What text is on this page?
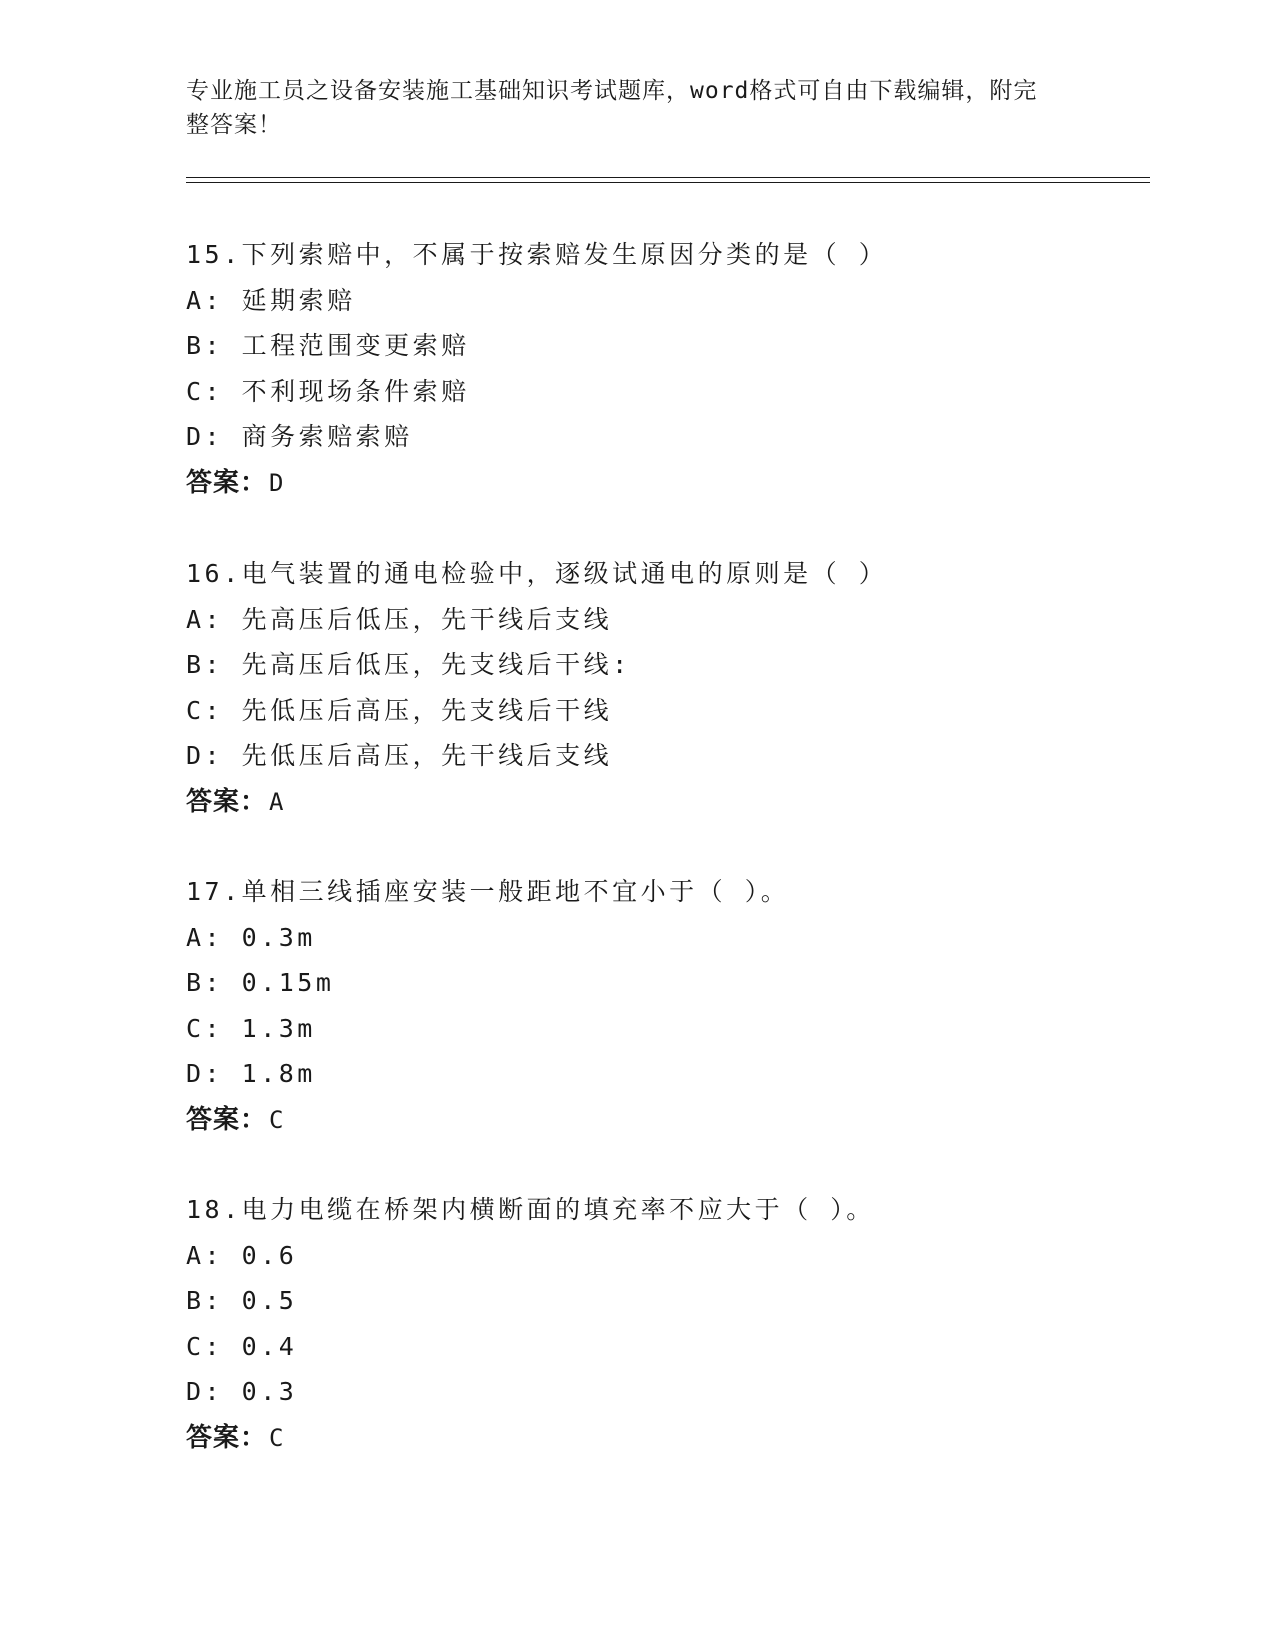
专业施工员之设备安装施工基础知识考试题库，word格式可自由下载编辑，附完
整答案！
15.下列索赔中，不属于按索赔发生原因分类的是（ ）
A: 延期索赔
B: 工程范围变更索赔
C: 不利现场条件索赔
D: 商务索赔索赔
答案：D
16.电气装置的通电检验中，逐级试通电的原则是（ ）
A: 先高压后低压，先干线后支线
B: 先高压后低压，先支线后干线:
C: 先低压后高压，先支线后干线
D: 先低压后高压，先干线后支线
答案：A
17.单相三线插座安装一般距地不宜小于（ ）。
A: 0.3m
B: 0.15m
C: 1.3m
D: 1.8m
答案：C
18.电力电缆在桥架内横断面的填充率不应大于（ ）。
A: 0.6
B: 0.5
C: 0.4
D: 0.3
答案：C
